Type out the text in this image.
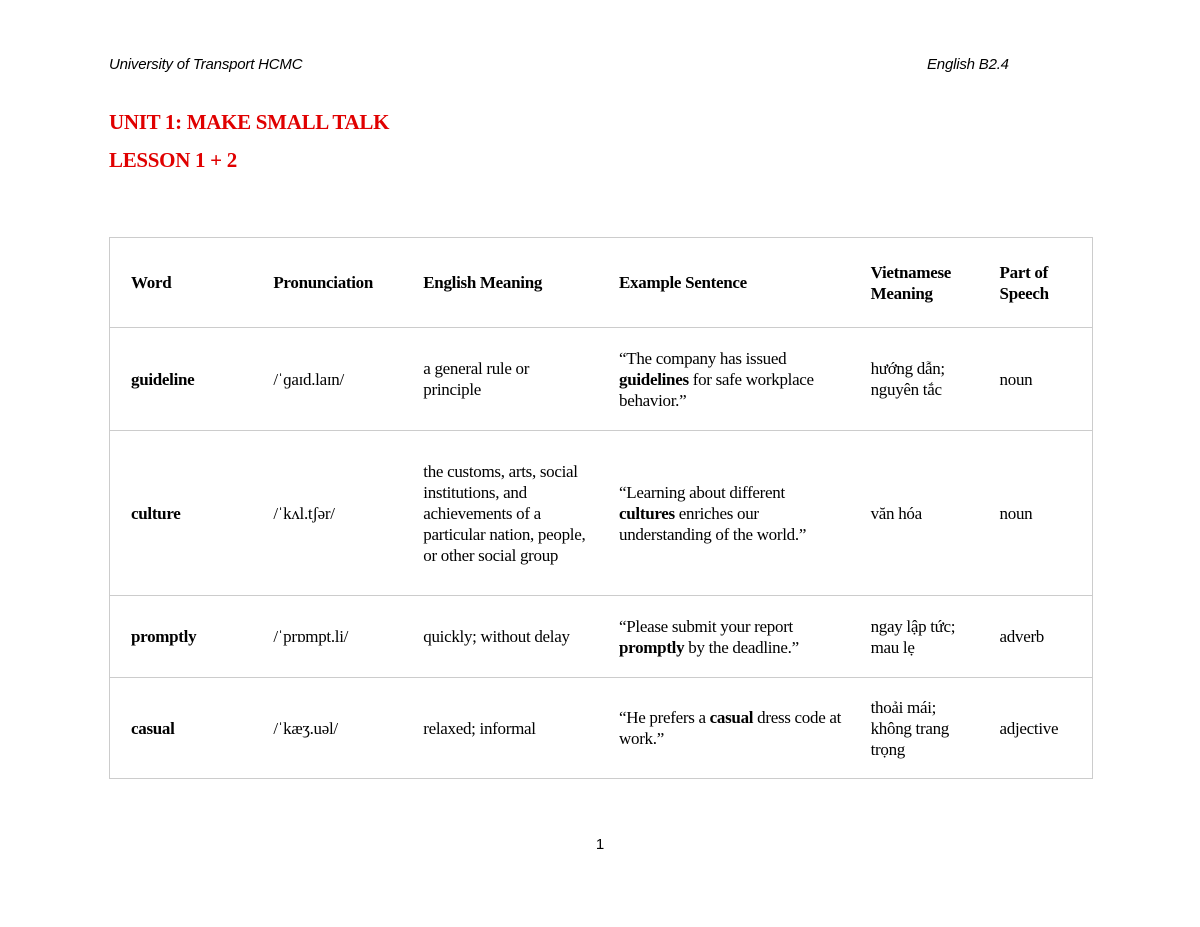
University of Transport HCMC	English B2.4
UNIT 1: MAKE SMALL TALK
LESSON 1 + 2
Word	Pronunciation	English Meaning	Example Sentence	Vietnamese Meaning	Part of Speech
guideline	/ˈɡaɪd.laɪn/	a general rule or principle	“The company has issued guidelines for safe workplace behavior.”	hướng dẫn; nguyên tắc	noun
culture	/ˈkʌl.tʃər/	the customs, arts, social institutions, and achievements of a particular nation, people, or other social group	“Learning about different cultures enriches our understanding of the world.”	văn hóa	noun
promptly	/ˈprɒmpt.li/	quickly; without delay	“Please submit your report promptly by the deadline.”	ngay lập tức; mau lẹ	adverb
casual	/ˈkæʒ.uəl/	relaxed; informal	“He prefers a casual dress code at work.”	thoải mái; không trang trọng	adjective
1
